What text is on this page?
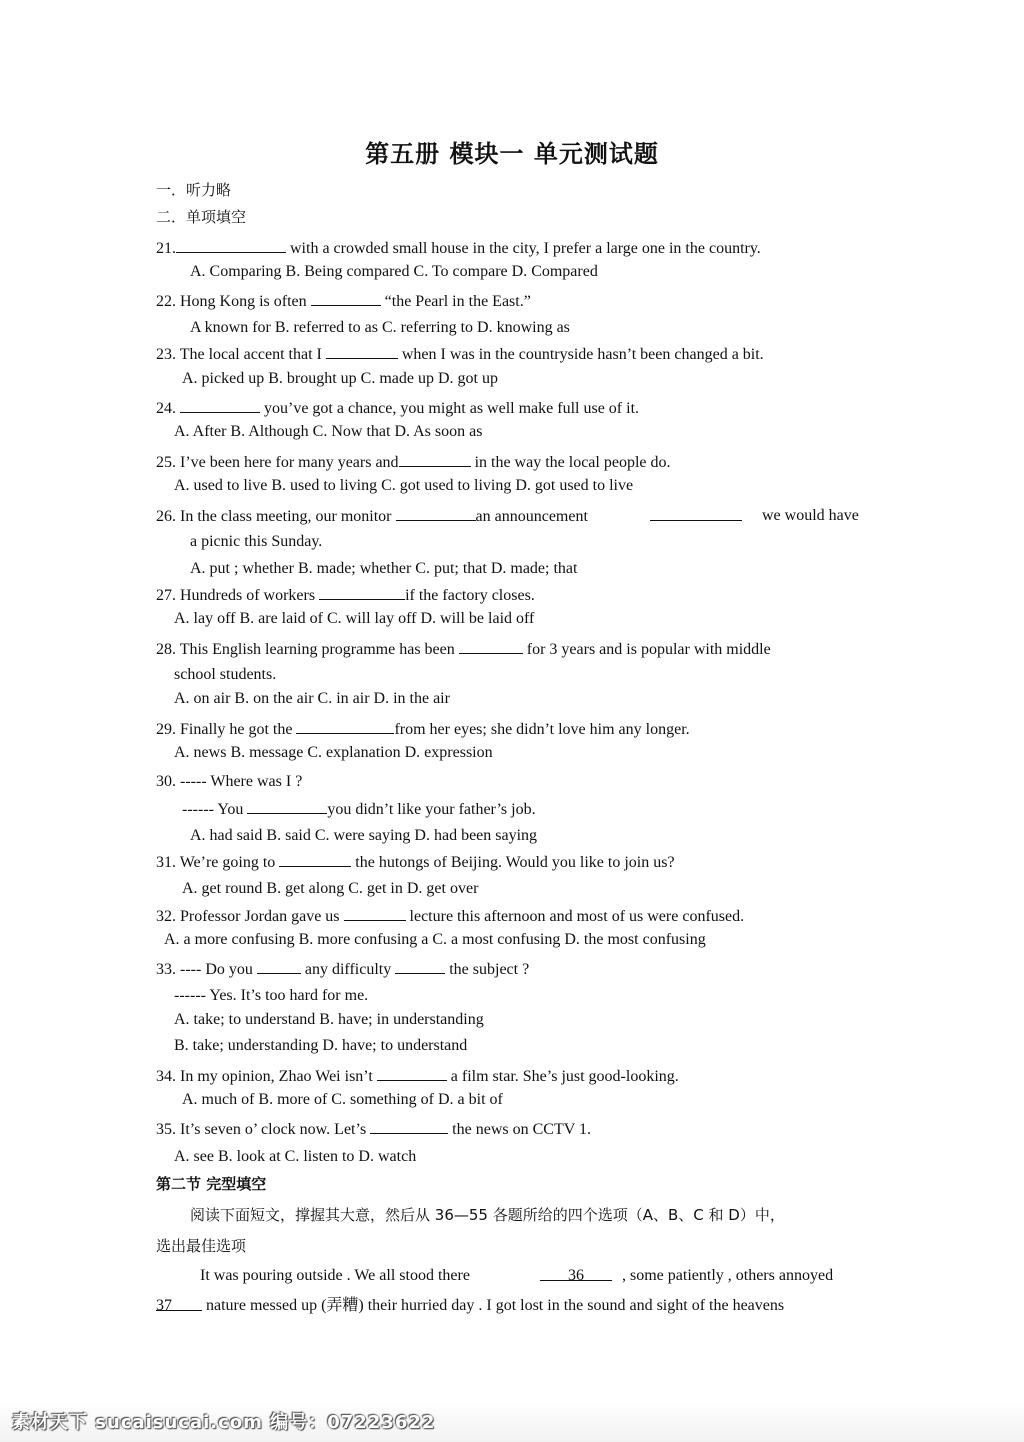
第五册 模块一 单元测试题
一．听力略
二．单项填空
21.	with a crowded small house in the city, I prefer a large one in the country.
A. Comparing B. Being compared C. To compare D. Compared
22. Hong Kong is often	“the Pearl in the East.”
A known for B. referred to as C. referring to D. knowing as
23. The local accent that I	when I was in the countryside hasn’t been changed a bit.
A. picked up B. brought up C. made up D. got up
24.	you’ve got a chance, you might as well make full use of it.
A. After B. Although C. Now that D. As soon as
25. I’ve been here for many years and	in the way the local people do.
A. used to live B. used to living C. got used to living D. got used to live
26. In the class meeting, our monitor	an announcement	we would have
a picnic this Sunday.
A. put ; whether B. made; whether C. put; that D. made; that
27. Hundreds of workers	if the factory closes.
A. lay off B. are laid of C. will lay off D. will be laid off
28. This English learning programme has been	for 3 years and is popular with middle
school students.
A. on air B. on the air C. in air D. in the air
29. Finally he got the	from her eyes; she didn’t love him any longer.
A. news B. message C. explanation D. expression
30. ----- Where was I ?
------ You	you didn’t like your father’s job.
A. had said B. said C. were saying D. had been saying
31. We’re going to	the hutongs of Beijing. Would you like to join us?
A. get round B. get along C. get in D. get over
32. Professor Jordan gave us	lecture this afternoon and most of us were confused.
A. a more confusing B. more confusing a C. a most confusing D. the most confusing
33. ---- Do you	any difficulty	the subject ?
------ Yes. It’s too hard for me.
A. take; to understand B. have; in understanding
B. take; understanding D. have; to understand
34. In my opinion, Zhao Wei isn’t	a film star. She’s just good-looking.
A. much of B. more of C. something of D. a bit of
35. It’s seven o’ clock now. Let’s	the news on CCTV 1.
A. see B. look at C. listen to D. watch
第二节 完型填空
阅读下面短文，撑握其大意，然后从 36—55 各题所给的四个选项（A、B、C 和 D）中，
选出最佳选项
It was pouring outside . We all stood there	36	, some patiently , others annoyed
37 nature messed up (弄糟) their hurried day . I got lost in the sound and sight of the heavens
素材天下 sucaisucai.com 编号：07223622
